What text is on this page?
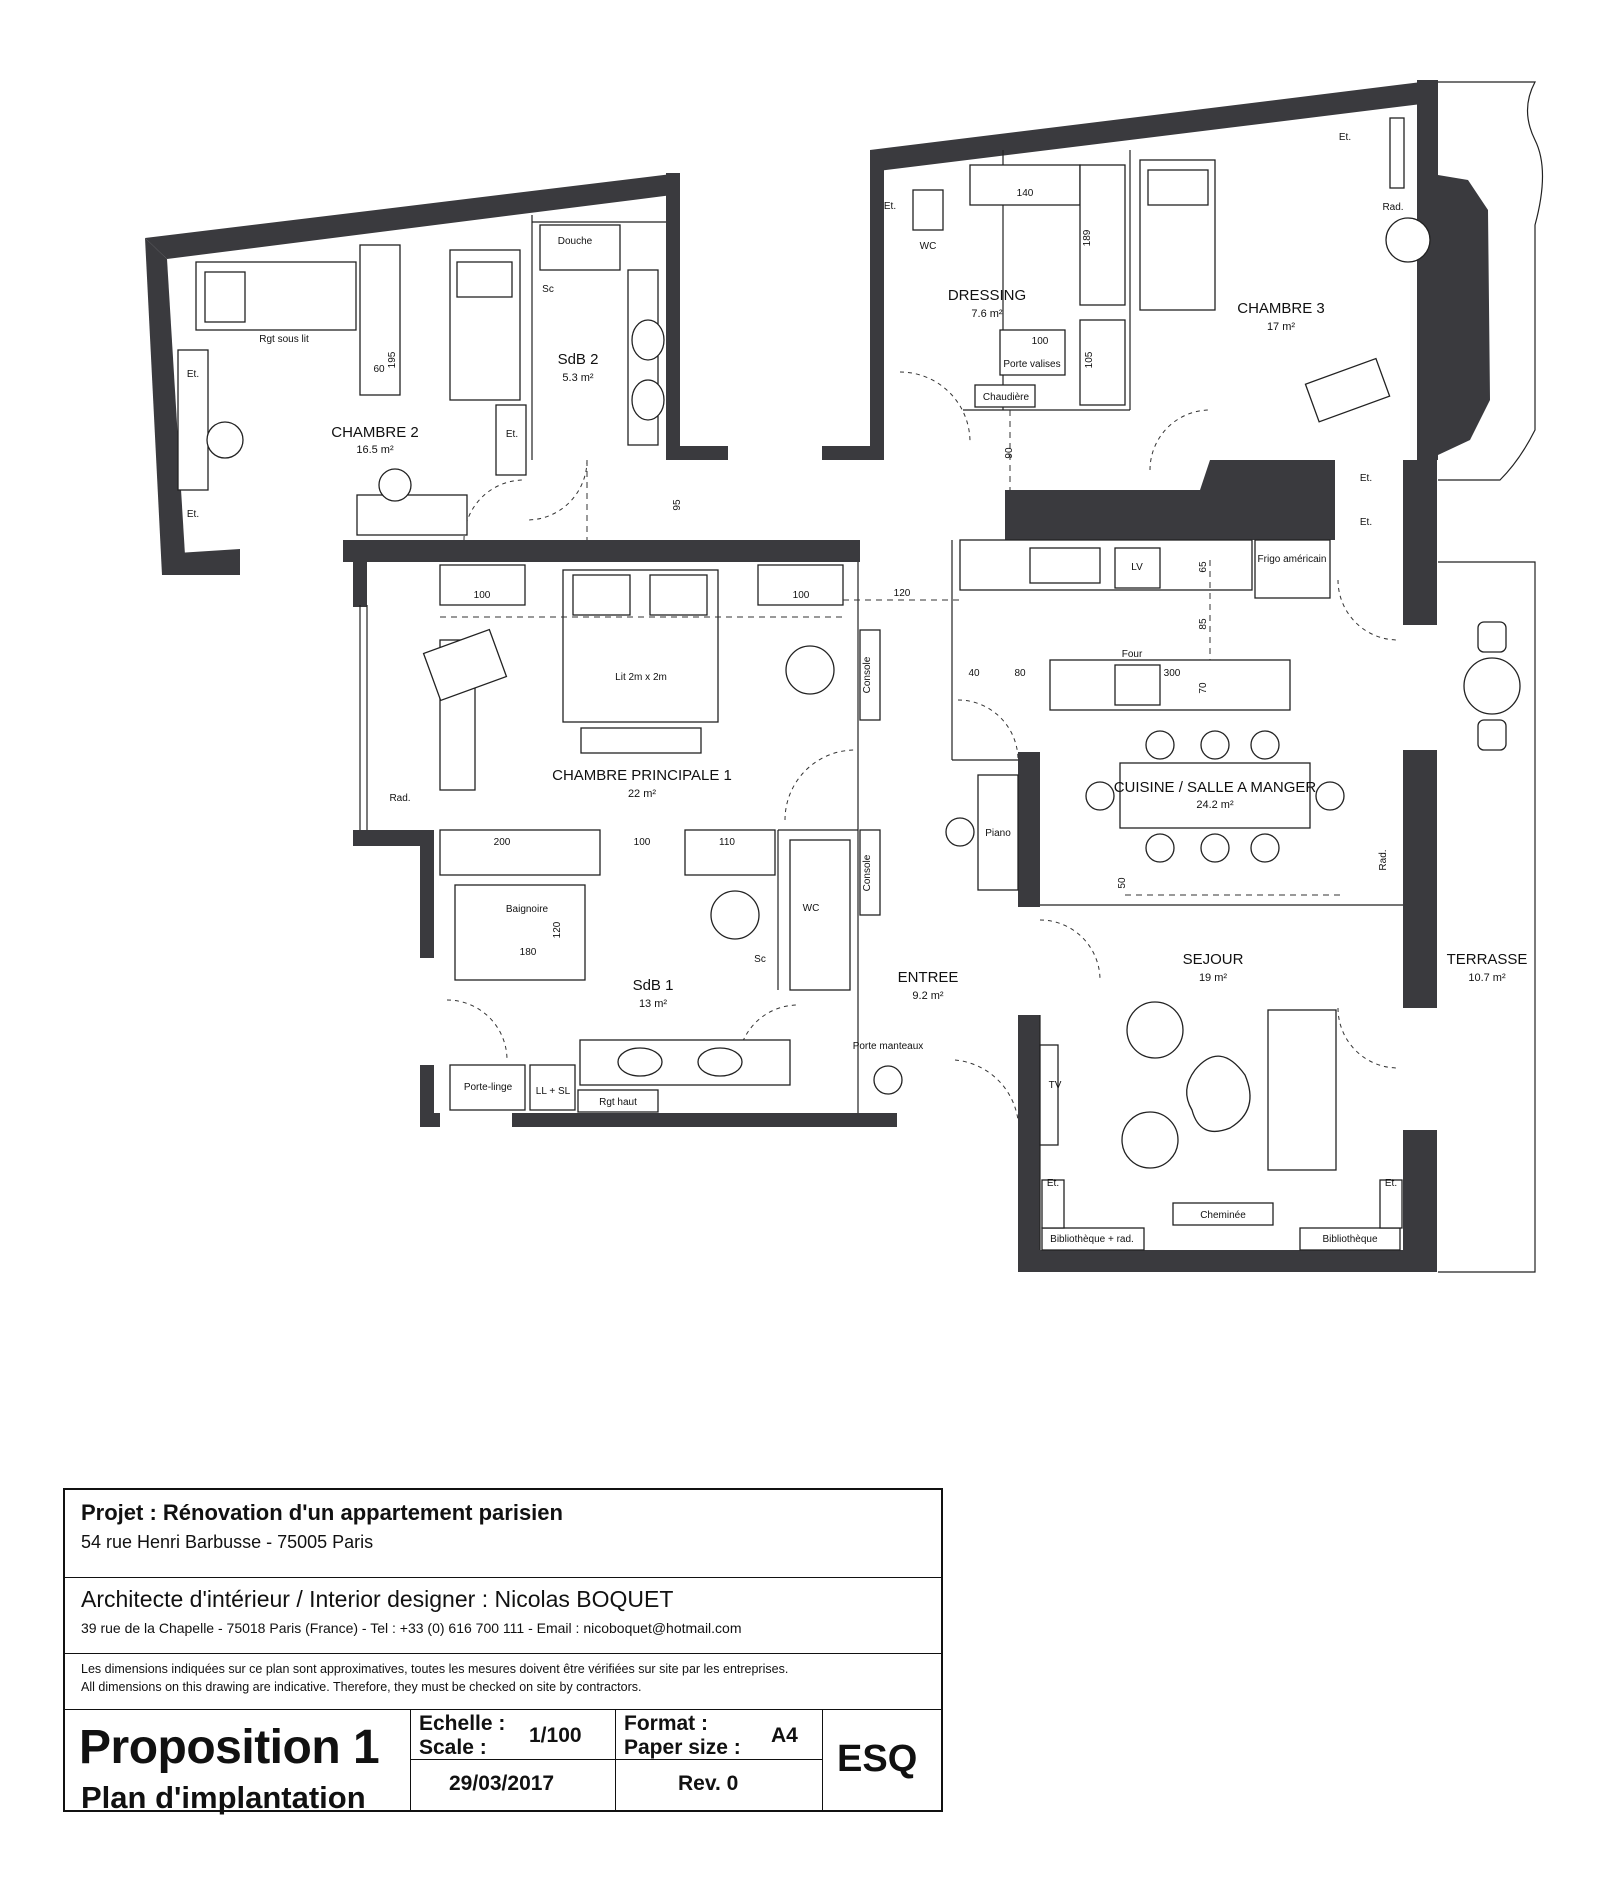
CHAMBRE 2
16.5 m²
SdB 2
5.3 m²
DRESSING
7.6 m²	CHAMBRE 3
17 m²
CHAMBRE PRINCIPALE 1
22 m²	CUISINE / SALLE A MANGER
24.2 m²
SdB 1
13 m²
ENTREE
9.2 m²
SEJOUR
19 m²
TERRASSE
10.7 m²
Rgt sous lit
Douche
Sc
Et.
Et.
Et.
Et.
WC
Porte valises
Chaudière
Et.
Rad.
Et.
Et.
LV
Frigo américain
Four
Lit 2m x 2m	Console
Console
Rad.
WC
Sc
Piano
Baignoire
Porte-linge LL + SL
Rgt haut
Porte manteaux
TV
Et.	Et.
Rad.
Cheminée
Bibliothèque + rad.	Bibliothèque
60
195
140
189
100
105
90
95
120
100	100
65
85
40	80	300
70
50
200	100	110
120
180
Projet : Rénovation d'un appartement parisien
54 rue Henri Barbusse - 75005 Paris
Architecte d'intérieur / Interior designer : Nicolas BOQUET
39 rue de la Chapelle - 75018 Paris (France) - Tel : +33 (0) 616 700 111 - Email : nicoboquet@hotmail.com
Les dimensions indiquées sur ce plan sont approximatives, toutes les mesures doivent être vérifiées sur site par les entreprises.
All dimensions on this drawing are indicative. Therefore, they must be checked on site by contractors.
Proposition 1
Plan d'implantation
Echelle :
Scale :
1/100
29/03/2017
Format :
Paper size :
A4
Rev. 0
ESQ
